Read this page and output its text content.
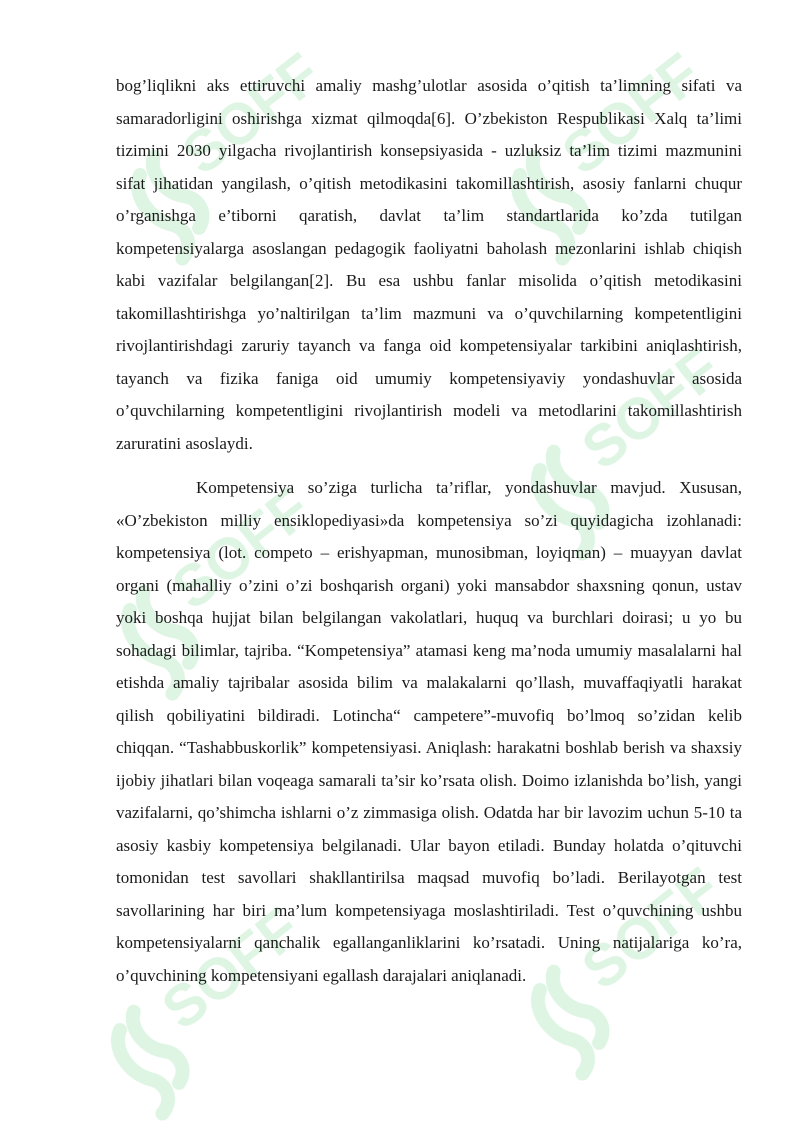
SOFF

bog’liqlikni aks ettiruvchi amaliy mashg’ulotlar asosida o’qitish ta’limning sifati va samaradorligini oshirishga xizmat qilmoqda[6]. O’zbekiston Respublikasi Xalq ta’limi tizimini 2030 yilgacha rivojlantirish konsepsiyasida - uzluksiz ta’lim tizimi mazmunini sifat jihatidan yangilash, o’qitish metodikasini takomillashtirish, asosiy fanlarni chuqur o’rganishga e’tiborni qaratish, davlat ta’lim standartlarida ko’zda tutilgan kompetensiyalarga asoslangan pedagogik faoliyatni baholash mezonlarini ishlab chiqish kabi vazifalar belgilangan[2]. Bu esa ushbu fanlar misolida o’qitish metodikasini takomillashtirishga yo’naltirilgan ta’lim mazmuni va o’quvchilarning kompetentligini rivojlantirishdagi zaruriy tayanch va fanga oid kompetensiyalar tarkibini aniqlashtirish, tayanch va fizika faniga oid umumiy kompetensiyaviy yondashuvlar asosida o’quvchilarning kompetentligini rivojlantirish modeli va metodlarini takomillashtirish zaruratini asoslaydi.

Kompetensiya so’ziga turlicha ta’riflar, yondashuvlar mavjud. Xususan, «O’zbekiston milliy ensiklopediyasi»da kompetensiya so’zi quyidagicha izohlanadi: kompetensiya (lot. competo – erishyapman, munosibman, loyiqman) – muayyan davlat organi (mahalliy o’zini o’zi boshqarish organi) yoki mansabdor shaxsning qonun, ustav yoki boshqa hujjat bilan belgilangan vakolatlari, huquq va burchlari doirasi; u yo bu sohadagi bilimlar, tajriba. “Kompetensiya” atamasi keng ma’noda umumiy masalalarni hal etishda amaliy tajribalar asosida bilim va malakalarni qo’llash, muvaffaqiyatli harakat qilish qobiliyatini bildiradi. Lotincha“ campetere”-muvofiq bo’lmoq so’zidan kelib chiqqan. “Tashabbuskorlik” kompetensiyasi. Aniqlash: harakatni boshlab berish va shaxsiy ijobiy jihatlari bilan voqeaga samarali ta’sir ko’rsata olish. Doimo izlanishda bo’lish, yangi vazifalarni, qo’shimcha ishlarni o’z zimmasiga olish. Odatda har bir lavozim uchun 5-10 ta asosiy kasbiy kompetensiya belgilanadi. Ular bayon etiladi. Bunday holatda o’qituvchi tomonidan test savollari shakllantirilsa maqsad muvofiq bo’ladi. Berilayotgan test savollarining har biri ma’lum kompetensiyaga moslashtiriladi. Test o’quvchining ushbu kompetensiyalarni qanchalik egallanganliklarini ko’rsatadi. Uning natijalariga ko’ra, o’quvchining kompetensiyani egallash darajalari aniqlanadi.
